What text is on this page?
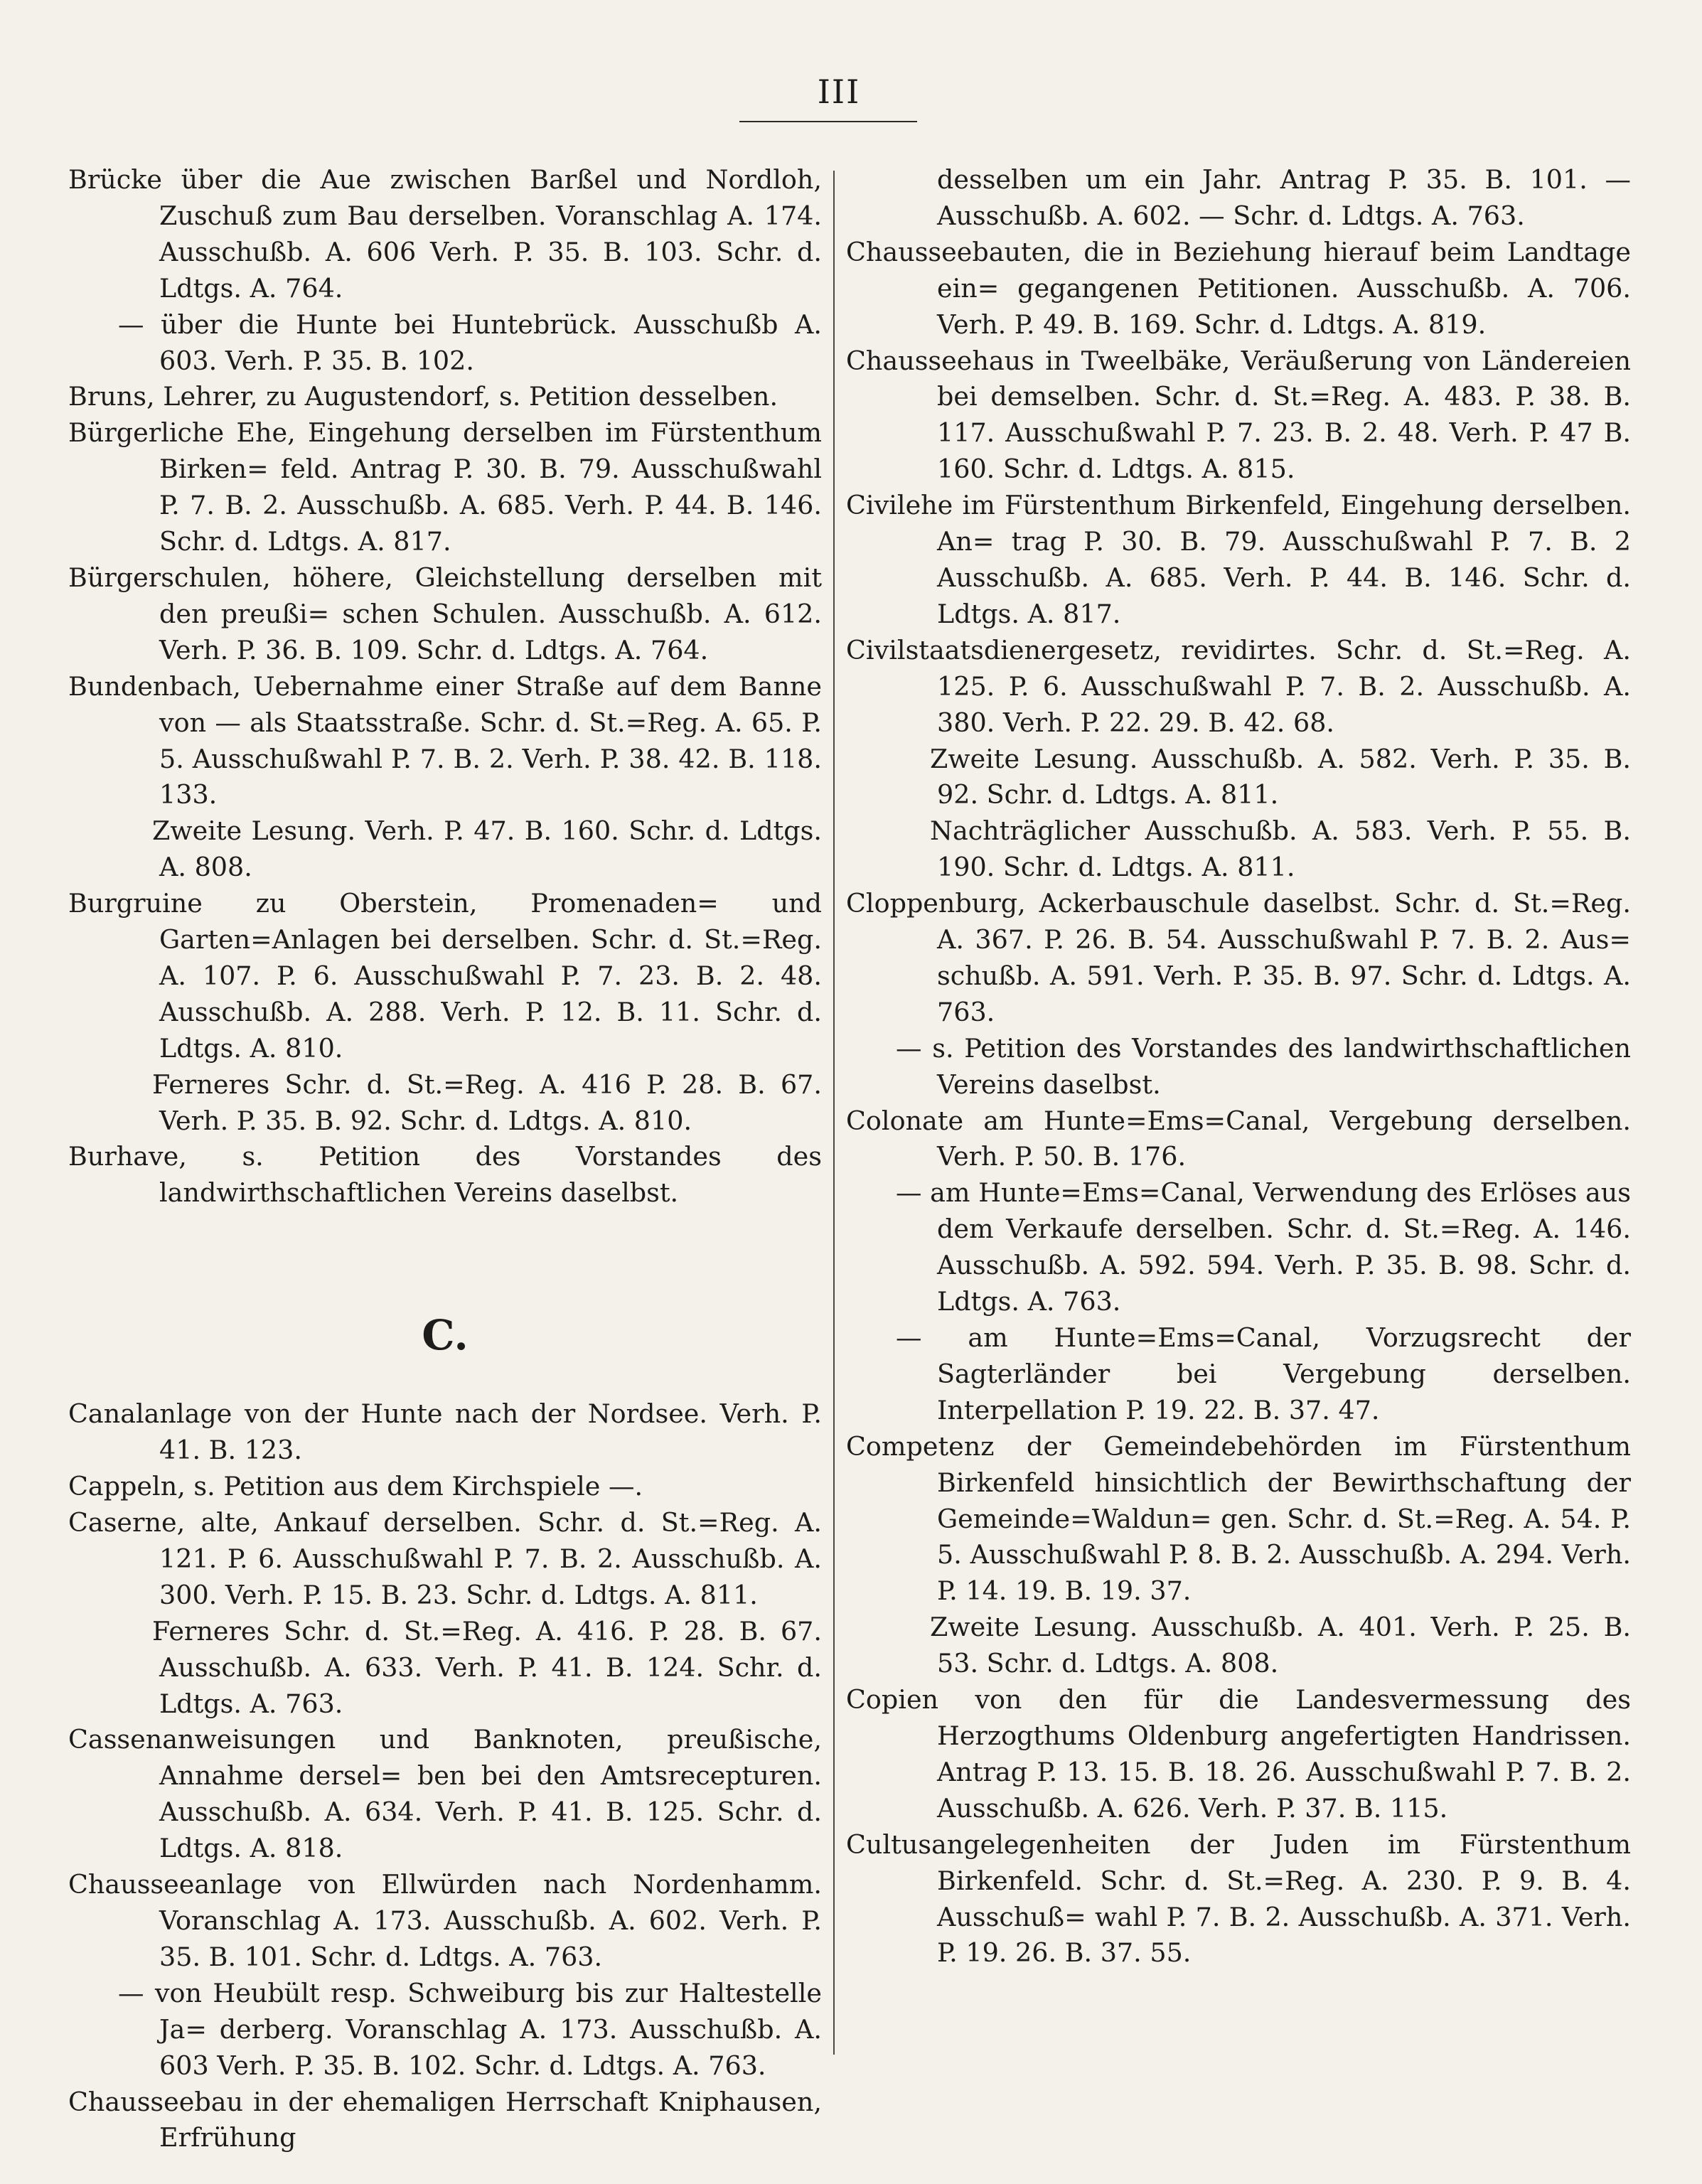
III
Brücke über die Aue zwischen Barßel und Nordloh, Zuschuß zum Bau derselben. Voranschlag A. 174. Ausschußb. A. 606 Verh. P. 35. B. 103. Schr. d. Ldtgs. A. 764.
— über die Hunte bei Huntebrück. Ausschußb A. 603. Verh. P. 35. B. 102.
Bruns, Lehrer, zu Augustendorf, s. Petition desselben.
Bürgerliche Ehe, Eingehung derselben im Fürstenthum Birken= feld. Antrag P. 30. B. 79. Ausschußwahl P. 7. B. 2. Ausschußb. A. 685. Verh. P. 44. B. 146. Schr. d. Ldtgs. A. 817.
Bürgerschulen, höhere, Gleichstellung derselben mit den preußi= schen Schulen. Ausschußb. A. 612. Verh. P. 36. B. 109. Schr. d. Ldtgs. A. 764.
Bundenbach, Uebernahme einer Straße auf dem Banne von — als Staatsstraße. Schr. d. St.=Reg. A. 65. P. 5. Ausschußwahl P. 7. B. 2. Verh. P. 38. 42. B. 118. 133.
Zweite Lesung. Verh. P. 47. B. 160. Schr. d. Ldtgs. A. 808.
Burgruine zu Oberstein, Promenaden= und Garten=Anlagen bei derselben. Schr. d. St.=Reg. A. 107. P. 6. Ausschußwahl P. 7. 23. B. 2. 48. Ausschußb. A. 288. Verh. P. 12. B. 11. Schr. d. Ldtgs. A. 810.
Ferneres Schr. d. St.=Reg. A. 416 P. 28. B. 67. Verh. P. 35. B. 92. Schr. d. Ldtgs. A. 810.
Burhave, s. Petition des Vorstandes des landwirthschaftlichen Vereins daselbst.
C.
Canalanlage von der Hunte nach der Nordsee. Verh. P. 41. B. 123.
Cappeln, s. Petition aus dem Kirchspiele —.
Caserne, alte, Ankauf derselben. Schr. d. St.=Reg. A. 121. P. 6. Ausschußwahl P. 7. B. 2. Ausschußb. A. 300. Verh. P. 15. B. 23. Schr. d. Ldtgs. A. 811.
Ferneres Schr. d. St.=Reg. A. 416. P. 28. B. 67. Ausschußb. A. 633. Verh. P. 41. B. 124. Schr. d. Ldtgs. A. 763.
Cassenanweisungen und Banknoten, preußische, Annahme dersel= ben bei den Amtsrecepturen. Ausschußb. A. 634. Verh. P. 41. B. 125. Schr. d. Ldtgs. A. 818.
Chausseeanlage von Ellwürden nach Nordenhamm. Voranschlag A. 173. Ausschußb. A. 602. Verh. P. 35. B. 101. Schr. d. Ldtgs. A. 763.
— von Heubült resp. Schweiburg bis zur Haltestelle Ja= derberg. Voranschlag A. 173. Ausschußb. A. 603 Verh. P. 35. B. 102. Schr. d. Ldtgs. A. 763.
Chausseebau in der ehemaligen Herrschaft Kniphausen, Erfrühung
desselben um ein Jahr. Antrag P. 35. B. 101. — Ausschußb. A. 602. — Schr. d. Ldtgs. A. 763.
Chausseebauten, die in Beziehung hierauf beim Landtage ein= gegangenen Petitionen. Ausschußb. A. 706. Verh. P. 49. B. 169. Schr. d. Ldtgs. A. 819.
Chausseehaus in Tweelbäke, Veräußerung von Ländereien bei demselben. Schr. d. St.=Reg. A. 483. P. 38. B. 117. Ausschußwahl P. 7. 23. B. 2. 48. Verh. P. 47 B. 160. Schr. d. Ldtgs. A. 815.
Civilehe im Fürstenthum Birkenfeld, Eingehung derselben. An= trag P. 30. B. 79. Ausschußwahl P. 7. B. 2 Ausschußb. A. 685. Verh. P. 44. B. 146. Schr. d. Ldtgs. A. 817.
Civilstaatsdienergesetz, revidirtes. Schr. d. St.=Reg. A. 125. P. 6. Ausschußwahl P. 7. B. 2. Ausschußb. A. 380. Verh. P. 22. 29. B. 42. 68.
Zweite Lesung. Ausschußb. A. 582. Verh. P. 35. B. 92. Schr. d. Ldtgs. A. 811.
Nachträglicher Ausschußb. A. 583. Verh. P. 55. B. 190. Schr. d. Ldtgs. A. 811.
Cloppenburg, Ackerbauschule daselbst. Schr. d. St.=Reg. A. 367. P. 26. B. 54. Ausschußwahl P. 7. B. 2. Aus= schußb. A. 591. Verh. P. 35. B. 97. Schr. d. Ldtgs. A. 763.
— s. Petition des Vorstandes des landwirthschaftlichen Vereins daselbst.
Colonate am Hunte=Ems=Canal, Vergebung derselben. Verh. P. 50. B. 176.
— am Hunte=Ems=Canal, Verwendung des Erlöses aus dem Verkaufe derselben. Schr. d. St.=Reg. A. 146. Ausschußb. A. 592. 594. Verh. P. 35. B. 98. Schr. d. Ldtgs. A. 763.
— am Hunte=Ems=Canal, Vorzugsrecht der Sagterländer	bei Vergebung derselben. Interpellation P. 19. 22. B. 37. 47.
Competenz der Gemeindebehörden im Fürstenthum Birkenfeld hinsichtlich der Bewirthschaftung der Gemeinde=Waldun= gen. Schr. d. St.=Reg. A. 54. P. 5. Ausschußwahl P. 8. B. 2. Ausschußb. A. 294. Verh. P. 14. 19. B. 19. 37.
Zweite Lesung. Ausschußb. A. 401. Verh. P. 25. B. 53. Schr. d. Ldtgs. A. 808.
Copien von den für die Landesvermessung des Herzogthums Oldenburg angefertigten Handrissen. Antrag P. 13. 15. B. 18. 26. Ausschußwahl P. 7. B. 2. Ausschußb. A. 626. Verh. P. 37. B. 115.
Cultusangelegenheiten der Juden im Fürstenthum Birkenfeld. Schr. d. St.=Reg. A. 230. P. 9. B. 4. Ausschuß= wahl P. 7. B. 2. Ausschußb. A. 371. Verh. P. 19. 26. B. 37. 55.
